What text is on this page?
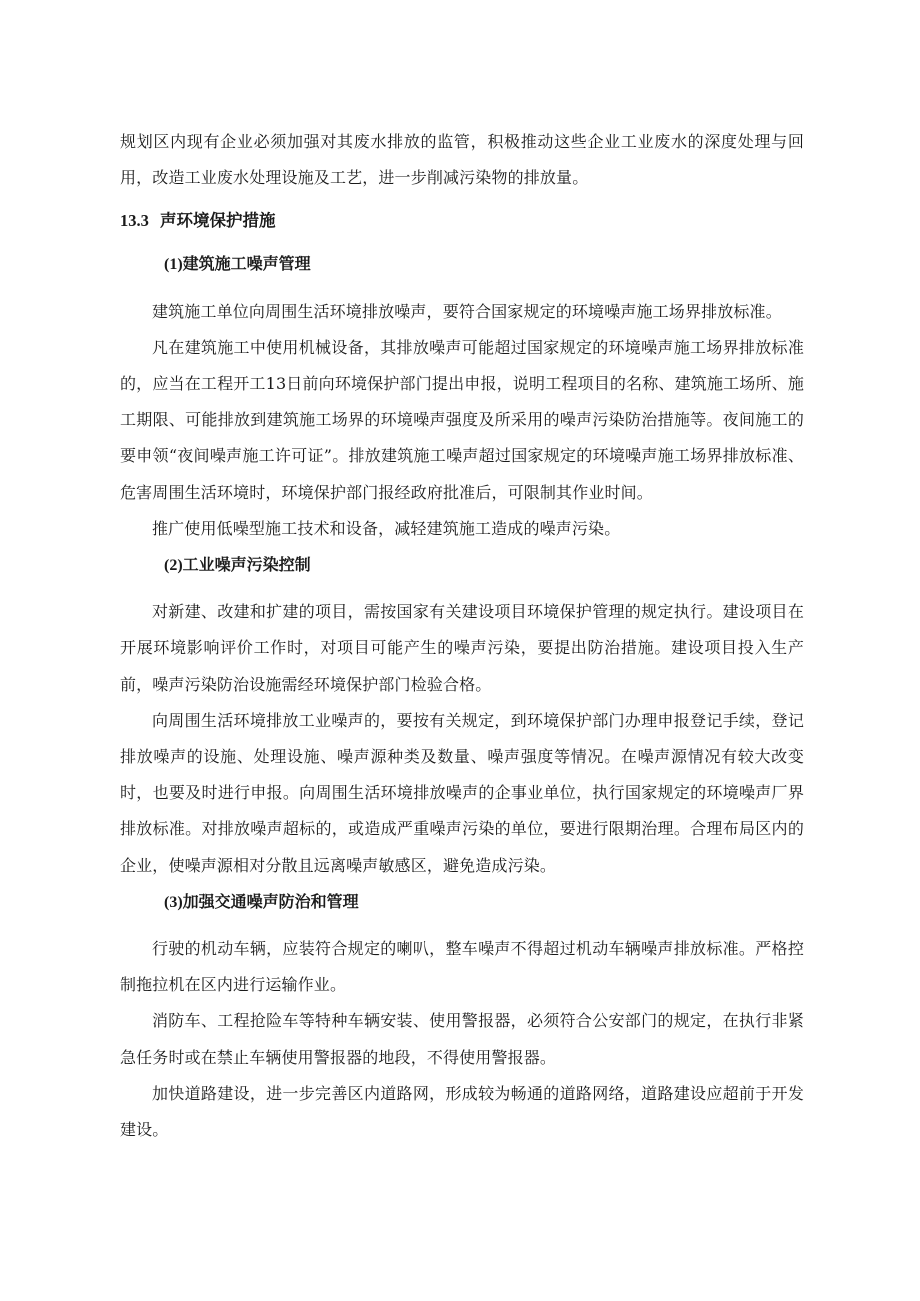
规划区内现有企业必须加强对其废水排放的监管，积极推动这些企业工业废水的深度处理与回用，改造工业废水处理设施及工艺，进一步削减污染物的排放量。

13.3 声环境保护措施
(1)建筑施工噪声管理

建筑施工单位向周围生活环境排放噪声，要符合国家规定的环境噪声施工场界排放标准。

凡在建筑施工中使用机械设备，其排放噪声可能超过国家规定的环境噪声施工场界排放标准的，应当在工程开工13日前向环境保护部门提出申报，说明工程项目的名称、建筑施工场所、施工期限、可能排放到建筑施工场界的环境噪声强度及所采用的噪声污染防治措施等。夜间施工的要申领“夜间噪声施工许可证”。排放建筑施工噪声超过国家规定的环境噪声施工场界排放标准、危害周围生活环境时，环境保护部门报经政府批准后，可限制其作业时间。

推广使用低噪型施工技术和设备，减轻建筑施工造成的噪声污染。

(2)工业噪声污染控制

对新建、改建和扩建的项目，需按国家有关建设项目环境保护管理的规定执行。建设项目在开展环境影响评价工作时，对项目可能产生的噪声污染，要提出防治措施。建设项目投入生产前，噪声污染防治设施需经环境保护部门检验合格。

向周围生活环境排放工业噪声的，要按有关规定，到环境保护部门办理申报登记手续，登记排放噪声的设施、处理设施、噪声源种类及数量、噪声强度等情况。在噪声源情况有较大改变时，也要及时进行申报。向周围生活环境排放噪声的企事业单位，执行国家规定的环境噪声厂界排放标准。对排放噪声超标的，或造成严重噪声污染的单位，要进行限期治理。合理布局区内的企业，使噪声源相对分散且远离噪声敏感区，避免造成污染。

(3)加强交通噪声防治和管理

行驶的机动车辆，应装符合规定的喇叭，整车噪声不得超过机动车辆噪声排放标准。严格控制拖拉机在区内进行运输作业。

消防车、工程抢险车等特种车辆安装、使用警报器，必须符合公安部门的规定，在执行非紧急任务时或在禁止车辆使用警报器的地段，不得使用警报器。

加快道路建设，进一步完善区内道路网，形成较为畅通的道路网络，道路建设应超前于开发建设。
